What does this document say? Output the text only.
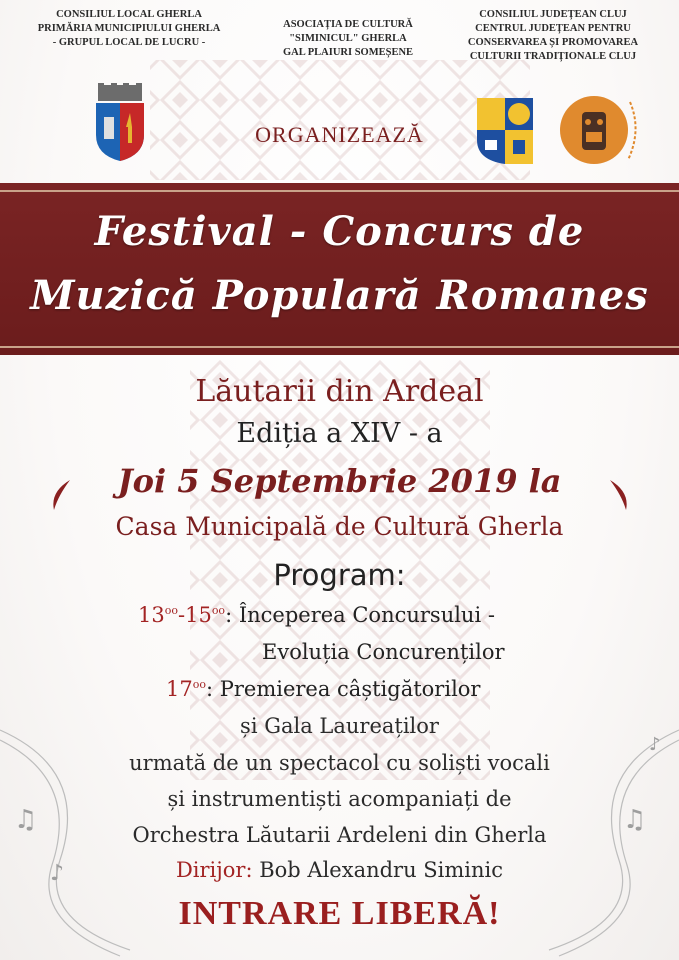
CONSILIUL LOCAL GHERLA
PRIMĂRIA MUNICIPIULUI GHERLA
- GRUPUL LOCAL DE LUCRU -
ASOCIAȚIA DE CULTURĂ
"SIMINICUL" GHERLA
GAL PLAIURI SOMEȘENE
CONSILIUL JUDEȚEAN CLUJ
CENTRUL JUDEȚEAN PENTRU
CONSERVAREA ȘI PROMOVAREA
CULTURII TRADIȚIONALE CLUJ
ORGANIZEAZĂ
Festival - Concurs de
Muzică Populară Romanes
Lăutarii din Ardeal
Ediția a XIV - a
Joi 5 Septembrie 2019 la
Casa Municipală de Cultură Gherla
Program:
$13^{oo}-15^{oo}$: Începerea Concursului -
Evoluția Concurenților
$17^{oo}$: Premierea câștigătorilor
și Gala Laureaților
urmată de un spectacol cu soliști vocali
și instrumentiști acompaniați de
Orchestra Lăutarii Ardeleni din Gherla
Dirijor: Bob Alexandru Siminic
INTRARE LIBERĂ!
♫
♪
♫
♪
